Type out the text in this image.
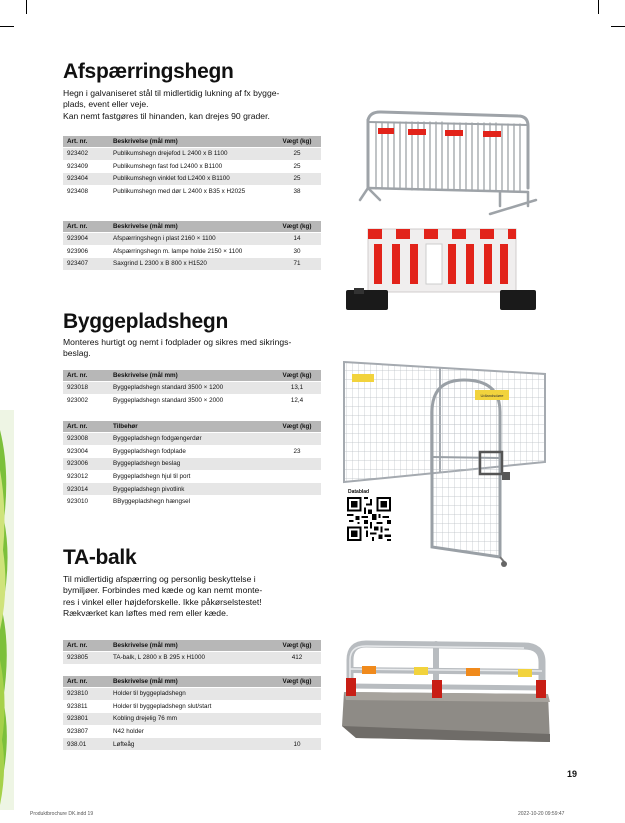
Afspærringshegn
Hegn i galvaniseret stål til midlertidig lukning af fx bygge-
plads, event eller veje.
Kan nemt fastgøres til hinanden, kan drejes 90 grader.
Art. nr.	Beskrivelse (mål mm)	Vægt (kg)
923402	Publikumshegn drejefod L 2400 x B 1100	25
923409	Publikumshegn fast fod L2400 x B1100	25
923404	Publikumshegn vinklet fod L2400 x B1100	25
923408	Publikumshegn med dør L 2400 x B35 x H2025	38
Art. nr.	Beskrivelse (mål mm)	Vægt (kg)
923904	Afspærringshegn i plast 2160 × 1100	14
923906	Afspærringshegn m. lampe holde 2150 × 1100	30
923407	Saxgrind L 2300 x B 800 x H1520	71
Byggepladshegn
Monteres hurtigt og nemt i fodplader og sikres med sikrings-
beslag.
Art. nr.	Beskrivelse (mål mm)	Vægt (kg)
923018	Byggepladshegn standard 3500 × 1200	13,1
923002	Byggepladshegn standard 3500 × 2000	12,4
Art. nr.	Tilbehør	Vægt (kg)
923008	Byggepladshegn fodgængerdør	
923004	Byggepladshegn fodplade	23
923006	Byggepladshegn beslag	
923012	Byggepladshegn hjul til port	
923014	Byggepladshegn pivotlink	
923010	BByggepladshegn hængsel	
Udlandsdøre
Datablad
TA-balk
Til midlertidig afspærring og personlig beskyttelse i
bymiljøer. Forbindes med kæde og kan nemt monte-
res i vinkel eller højdeforskelle. Ikke påkørselstestet!
Rækværket kan løftes med rem eller kæde.
Art. nr.	Beskrivelse (mål mm)	Vægt (kg)
923805	TA-balk, L 2800 x B 295 x H1000	412
Art. nr.	Beskrivelse (mål mm)	Vægt (kg)
923810	Holder til byggepladshegn	
923811	Holder til byggepladshegn slut/start	
923801	Kobling drejelig 76 mm	
923807	N42 holder	
938.01	Løfteåg	10
19
Produktbrochure DK.indd 19	2022-10-20 09:59:47
